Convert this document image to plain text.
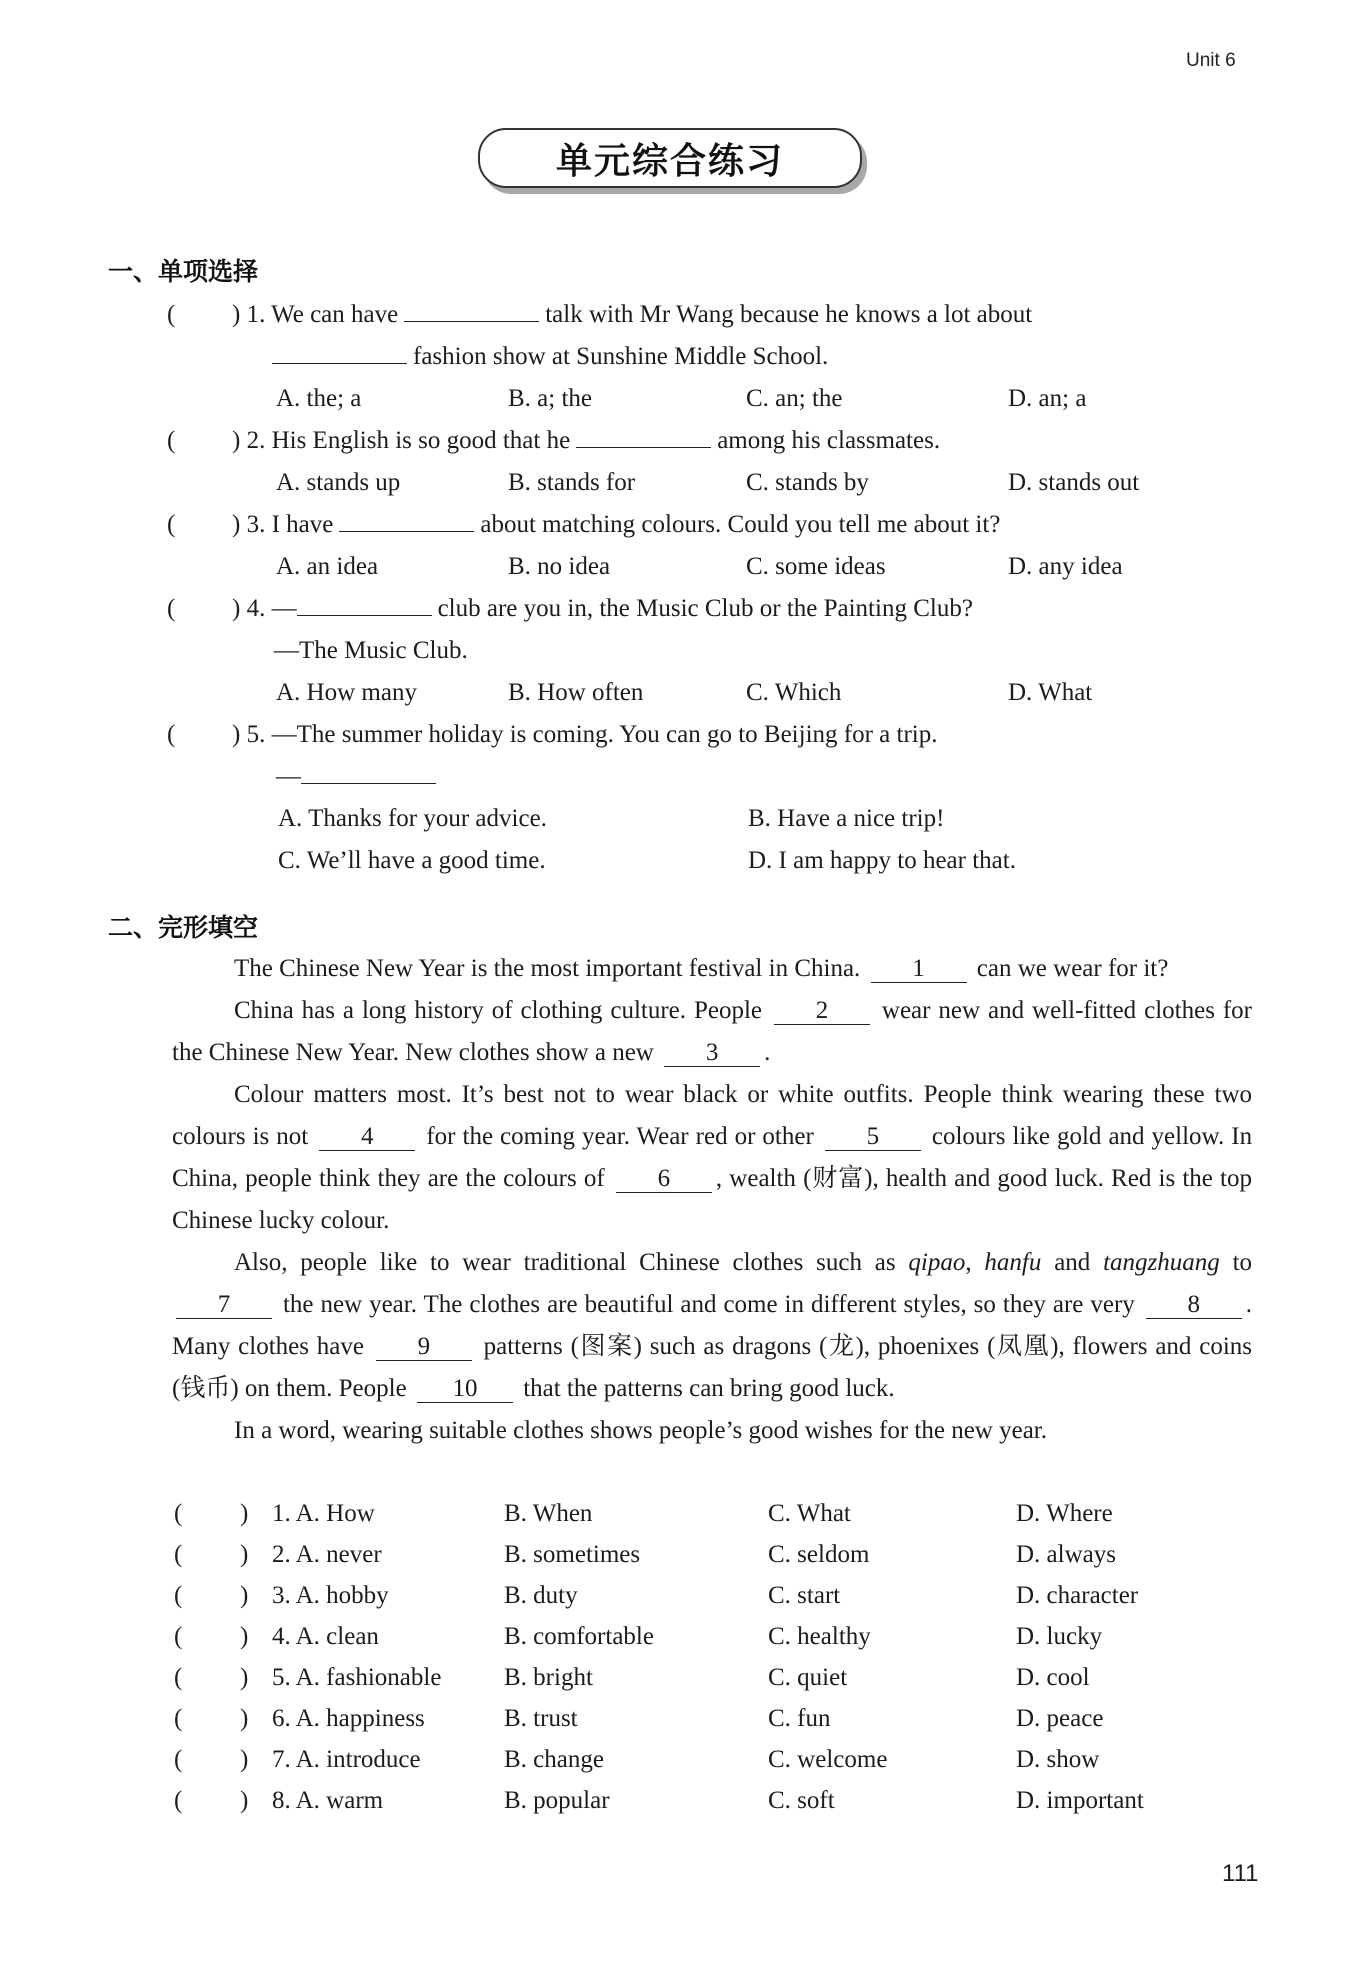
Unit 6
单元综合练习
一、单项选择
( ) 1. We can have	talk with Mr Wang because he knows a lot about
fashion show at Sunshine Middle School.
A. the; a	B. a; the	C. an; the	D. an; a
( ) 2. His English is so good that he	among his classmates.
A. stands up	B. stands for	C. stands by	D. stands out
( ) 3. I have	about matching colours. Could you tell me about it?
A. an idea	B. no idea	C. some ideas	D. any idea
( ) 4. —	club are you in, the Music Club or the Painting Club?
—The Music Club.
A. How many	B. How often	C. Which	D. What
( ) 5. —The summer holiday is coming. You can go to Beijing for a trip.
—
A. Thanks for your advice.	B. Have a nice trip!
C. We’ll have a good time.	D. I am happy to hear that.
二、完形填空
The Chinese New Year is the most important festival in China. 1 can we wear for it?
China has a long history of clothing culture. People 2 wear new and well-fitted clothes for the Chinese New Year. New clothes show a new 3 .
Colour matters most. It’s best not to wear black or white outfits. People think wearing these two colours is not 4 for the coming year. Wear red or other 5 colours like gold and yellow. In China, people think they are the colours of 6 , wealth (财富), health and good luck. Red is the top Chinese lucky colour.
Also, people like to wear traditional Chinese clothes such as qipao, hanfu and tangzhuang to 7 the new year. The clothes are beautiful and come in different styles, so they are very 8 . Many clothes have 9 patterns (图案) such as dragons (龙), phoenixes (凤凰), flowers and coins (钱币) on them. People 10 that the patterns can bring good luck.
In a word, wearing suitable clothes shows people’s good wishes for the new year.
( ) 1. A. How	B. When	C. What	D. Where
( ) 2. A. never	B. sometimes	C. seldom	D. always
( ) 3. A. hobby	B. duty	C. start	D. character
( ) 4. A. clean	B. comfortable	C. healthy	D. lucky
( ) 5. A. fashionable	B. bright	C. quiet	D. cool
( ) 6. A. happiness	B. trust	C. fun	D. peace
( ) 7. A. introduce	B. change	C. welcome	D. show
( ) 8. A. warm	B. popular	C. soft	D. important
111
